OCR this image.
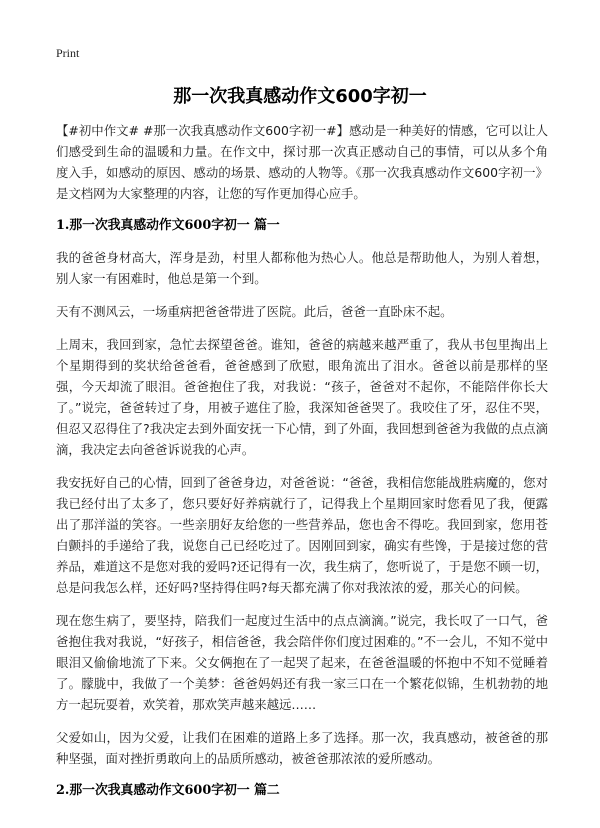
Print
那一次我真感动作文600字初一

【#初中作文# #那一次我真感动作文600字初一#】感动是一种美好的情感，它可以让人们感受到生命的温暖和力量。在作文中，探讨那一次真正感动自己的事情，可以从多个角度入手，如感动的原因、感动的场景、感动的人物等。《那一次我真感动作文600字初一》是文档网为大家整理的内容，让您的写作更加得心应手。

1.那一次我真感动作文600字初一 篇一

我的爸爸身材高大，浑身是劲，村里人都称他为热心人。他总是帮助他人，为别人着想，别人家一有困难时，他总是第一个到。

天有不测风云，一场重病把爸爸带进了医院。此后，爸爸一直卧床不起。

上周末，我回到家，急忙去探望爸爸。谁知，爸爸的病越来越严重了，我从书包里掏出上个星期得到的奖状给爸爸看，爸爸感到了欣慰，眼角流出了泪水。爸爸以前是那样的坚强，今天却流了眼泪。爸爸抱住了我，对我说：“孩子，爸爸对不起你，不能陪伴你长大了。”说完，爸爸转过了身，用被子遮住了脸，我深知爸爸哭了。我咬住了牙，忍住不哭，但忍又忍得住了?我决定去到外面安抚一下心情，到了外面，我回想到爸爸为我做的点点滴滴，我决定去向爸爸诉说我的心声。

我安抚好自己的心情，回到了爸爸身边，对爸爸说：“爸爸，我相信您能战胜病魔的，您对我已经付出了太多了，您只要好好养病就行了，记得我上个星期回家时您看见了我，便露出了那洋溢的笑容。一些亲朋好友给您的一些营养品，您也舍不得吃。我回到家，您用苍白颤抖的手递给了我，说您自己已经吃过了。因刚回到家，确实有些馋，于是接过您的营养品，难道这不是您对我的爱吗?还记得有一次，我生病了，您听说了，于是您不顾一切，总是问我怎么样，还好吗?坚持得住吗?每天都充满了你对我浓浓的爱，那关心的问候。

现在您生病了，要坚持，陪我们一起度过生活中的点点滴滴。”说完，我长叹了一口气，爸爸抱住我对我说，“好孩子，相信爸爸，我会陪伴你们度过困难的。”不一会儿，不知不觉中眼泪又偷偷地流了下来。父女俩抱在了一起哭了起来，在爸爸温暖的怀抱中不知不觉睡着了。朦胧中，我做了一个美梦：爸爸妈妈还有我一家三口在一个繁花似锦，生机勃勃的地方一起玩耍着，欢笑着，那欢笑声越来越远……

父爱如山，因为父爱，让我们在困难的道路上多了选择。那一次，我真感动，被爸爸的那种坚强，面对挫折勇敢向上的品质所感动，被爸爸那浓浓的爱所感动。

2.那一次我真感动作文600字初一 篇二
